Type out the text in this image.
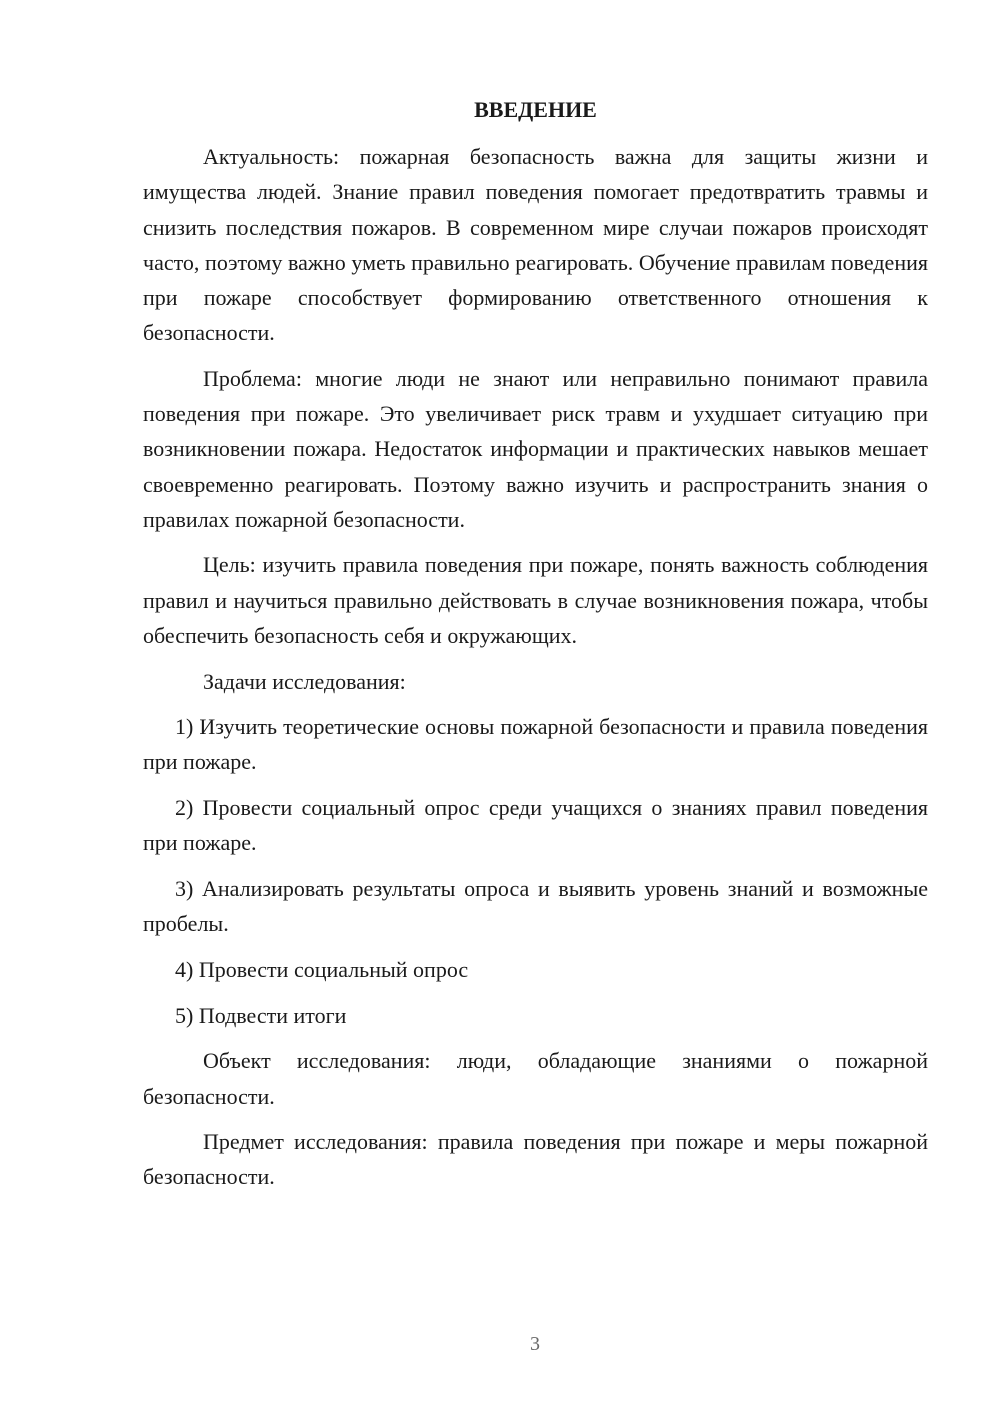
ВВЕДЕНИЕ

Актуальность: пожарная безопасность важна для защиты жизни и имущества людей. Знание правил поведения помогает предотвратить травмы и снизить последствия пожаров. В современном мире случаи пожаров происходят часто, поэтому важно уметь правильно реагировать. Обучение правилам поведения при пожаре способствует формированию ответственного отношения к безопасности.

Проблема: многие люди не знают или неправильно понимают правила поведения при пожаре. Это увеличивает риск травм и ухудшает ситуацию при возникновении пожара. Недостаток информации и практических навыков мешает своевременно реагировать. Поэтому важно изучить и распространить знания о правилах пожарной безопасности.

Цель: изучить правила поведения при пожаре, понять важность соблюдения правил и научиться правильно действовать в случае возникновения пожара, чтобы обеспечить безопасность себя и окружающих.

Задачи исследования:

1) Изучить теоретические основы пожарной безопасности и правила поведения при пожаре.

2) Провести социальный опрос среди учащихся о знаниях правил поведения при пожаре.

3) Анализировать результаты опроса и выявить уровень знаний и возможные пробелы.

4) Провести социальный опрос

5) Подвести итоги

Объект исследования: люди, обладающие знаниями о пожарной безопасности.

Предмет исследования: правила поведения при пожаре и меры пожарной безопасности.

3
